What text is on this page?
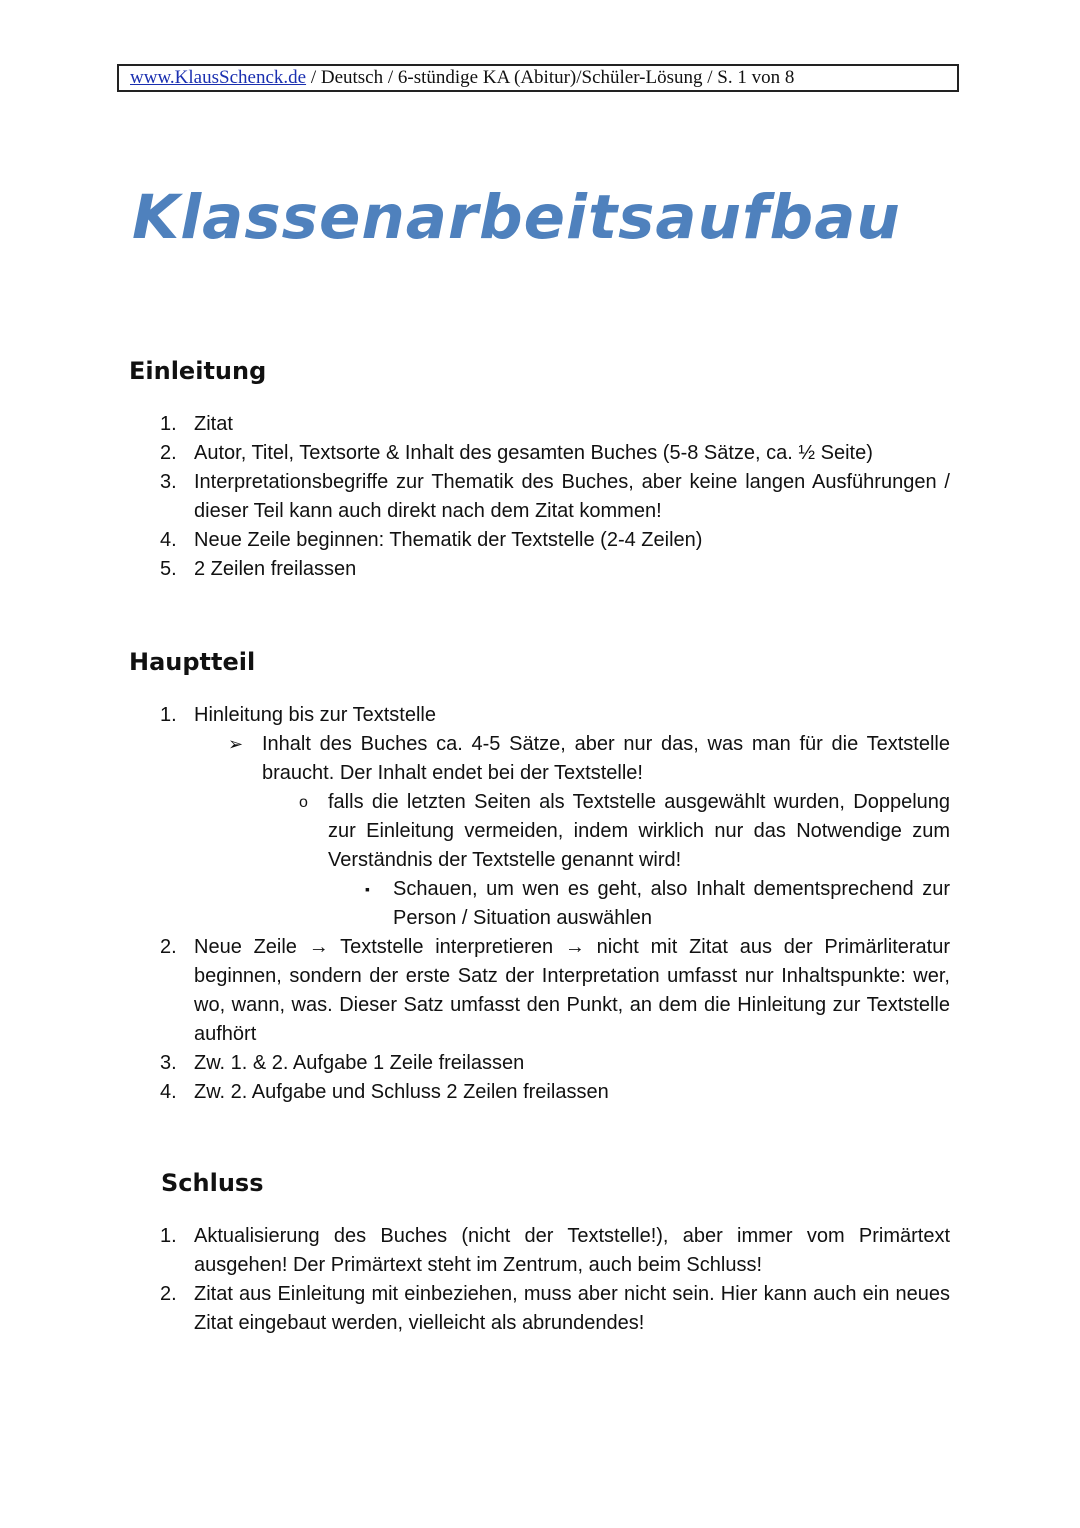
www.KlausSchenck.de / Deutsch / 6-stündige KA (Abitur)/Schüler-Lösung / S. 1 von 8
Klassenarbeitsaufbau
Einleitung
1. Zitat
2. Autor, Titel, Textsorte & Inhalt des gesamten Buches (5-8 Sätze, ca. ½ Seite)
3. Interpretationsbegriffe zur Thematik des Buches, aber keine langen Ausführungen / dieser Teil kann auch direkt nach dem Zitat kommen!
4. Neue Zeile beginnen: Thematik der Textstelle (2-4 Zeilen)
5. 2 Zeilen freilassen
Hauptteil
1. Hinleitung bis zur Textstelle
➢ Inhalt des Buches ca. 4-5 Sätze, aber nur das, was man für die Textstelle braucht. Der Inhalt endet bei der Textstelle!
o falls die letzten Seiten als Textstelle ausgewählt wurden, Doppelung zur Einleitung vermeiden, indem wirklich nur das Notwendige zum Verständnis der Textstelle genannt wird!
▪ Schauen, um wen es geht, also Inhalt dementsprechend zur Person / Situation auswählen
2. Neue Zeile → Textstelle interpretieren → nicht mit Zitat aus der Primärliteratur beginnen, sondern der erste Satz der Interpretation umfasst nur Inhaltspunkte: wer, wo, wann, was. Dieser Satz umfasst den Punkt, an dem die Hinleitung zur Textstelle aufhört
3. Zw. 1. & 2. Aufgabe 1 Zeile freilassen
4. Zw. 2. Aufgabe und Schluss 2 Zeilen freilassen
Schluss
1. Aktualisierung des Buches (nicht der Textstelle!), aber immer vom Primärtext ausgehen! Der Primärtext steht im Zentrum, auch beim Schluss!
2. Zitat aus Einleitung mit einbeziehen, muss aber nicht sein. Hier kann auch ein neues Zitat eingebaut werden, vielleicht als abrundendes!
